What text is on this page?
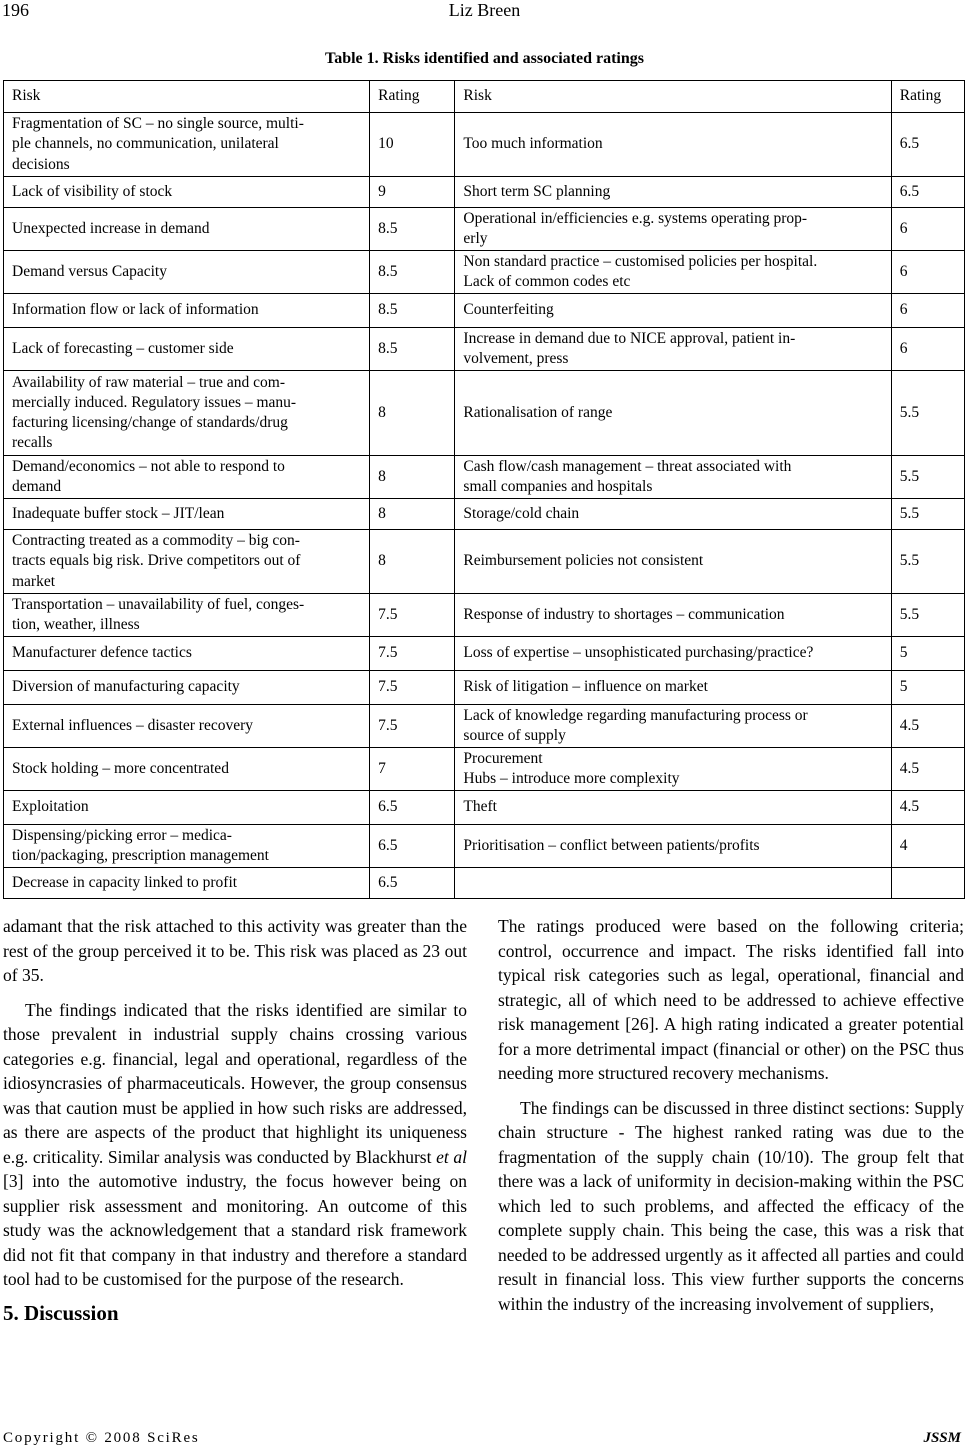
196	Liz Breen
Table 1. Risks identified and associated ratings
Risk	Rating	Risk	Rating

Fragmentation of SC – no single source, multi-
ple channels, no communication, unilateral
decisions	10	Too much information	6.5

Lack of visibility of stock	9	Short term SC planning	6.5

Unexpected increase in demand	8.5	Operational in/efficiencies e.g. systems operating prop-
erly	6

Demand versus Capacity	8.5	Non standard practice – customised policies per hospital.
Lack of common codes etc	6

Information flow or lack of information	8.5	Counterfeiting	6

Lack of forecasting – customer side	8.5	Increase in demand due to NICE approval, patient in-
volvement, press	6

Availability of raw material – true and com-
mercially induced. Regulatory issues – manu-
facturing licensing/change of standards/drug
recalls	8	Rationalisation of range	5.5

Demand/economics – not able to respond to
demand	8	Cash flow/cash management – threat associated with
small companies and hospitals	5.5

Inadequate buffer stock – JIT/lean	8	Storage/cold chain	5.5

Contracting treated as a commodity – big con-
tracts equals big risk. Drive competitors out of
market	8	Reimbursement policies not consistent	5.5

Transportation – unavailability of fuel, conges-
tion, weather, illness	7.5	Response of industry to shortages – communication	5.5

Manufacturer defence tactics	7.5	Loss of expertise – unsophisticated purchasing/practice?	5

Diversion of manufacturing capacity	7.5	Risk of litigation – influence on market	5

External influences – disaster recovery	7.5	Lack of knowledge regarding manufacturing process or
source of supply	4.5

Stock holding – more concentrated	7	Procurement
Hubs – introduce more complexity	4.5

Exploitation	6.5	Theft	4.5

Dispensing/picking error – medica-
tion/packaging, prescription management	6.5	Prioritisation – conflict between patients/profits	4

Decrease in capacity linked to profit	6.5		

adamant that the risk attached to this activity was greater than the rest of the group perceived it to be. This risk was placed as 23 out of 35.

The findings indicated that the risks identified are similar to those prevalent in industrial supply chains crossing various categories e.g. financial, legal and operational, regardless of the idiosyncrasies of pharmaceuticals. However, the group consensus was that caution must be applied in how such risks are addressed, as there are aspects of the product that highlight its uniqueness e.g. criticality. Similar analysis was conducted by Blackhurst et al [3] into the automotive industry, the focus however being on supplier risk assessment and monitoring. An outcome of this study was the acknowledgement that a standard risk framework did not fit that company in that industry and therefore a standard tool had to be customised for the purpose of the research.

5. Discussion

The ratings produced were based on the following criteria; control, occurrence and impact. The risks identified fall into typical risk categories such as legal, operational, financial and strategic, all of which need to be addressed to achieve effective risk management [26]. A high rating indicated a greater potential for a more detrimental impact (financial or other) on the PSC thus needing more structured recovery mechanisms.

The findings can be discussed in three distinct sections: Supply chain structure - The highest ranked rating was due to the fragmentation of the supply chain (10/10). The group felt that there was a lack of uniformity in decision-making within the PSC which led to such problems, and affected the efficacy of the complete supply chain. This being the case, this was a risk that needed to be addressed urgently as it affected all parties and could result in financial loss. This view further supports the concerns within the industry of the increasing involvement of suppliers,

Copyright © 2008 SciRes	JSSM
